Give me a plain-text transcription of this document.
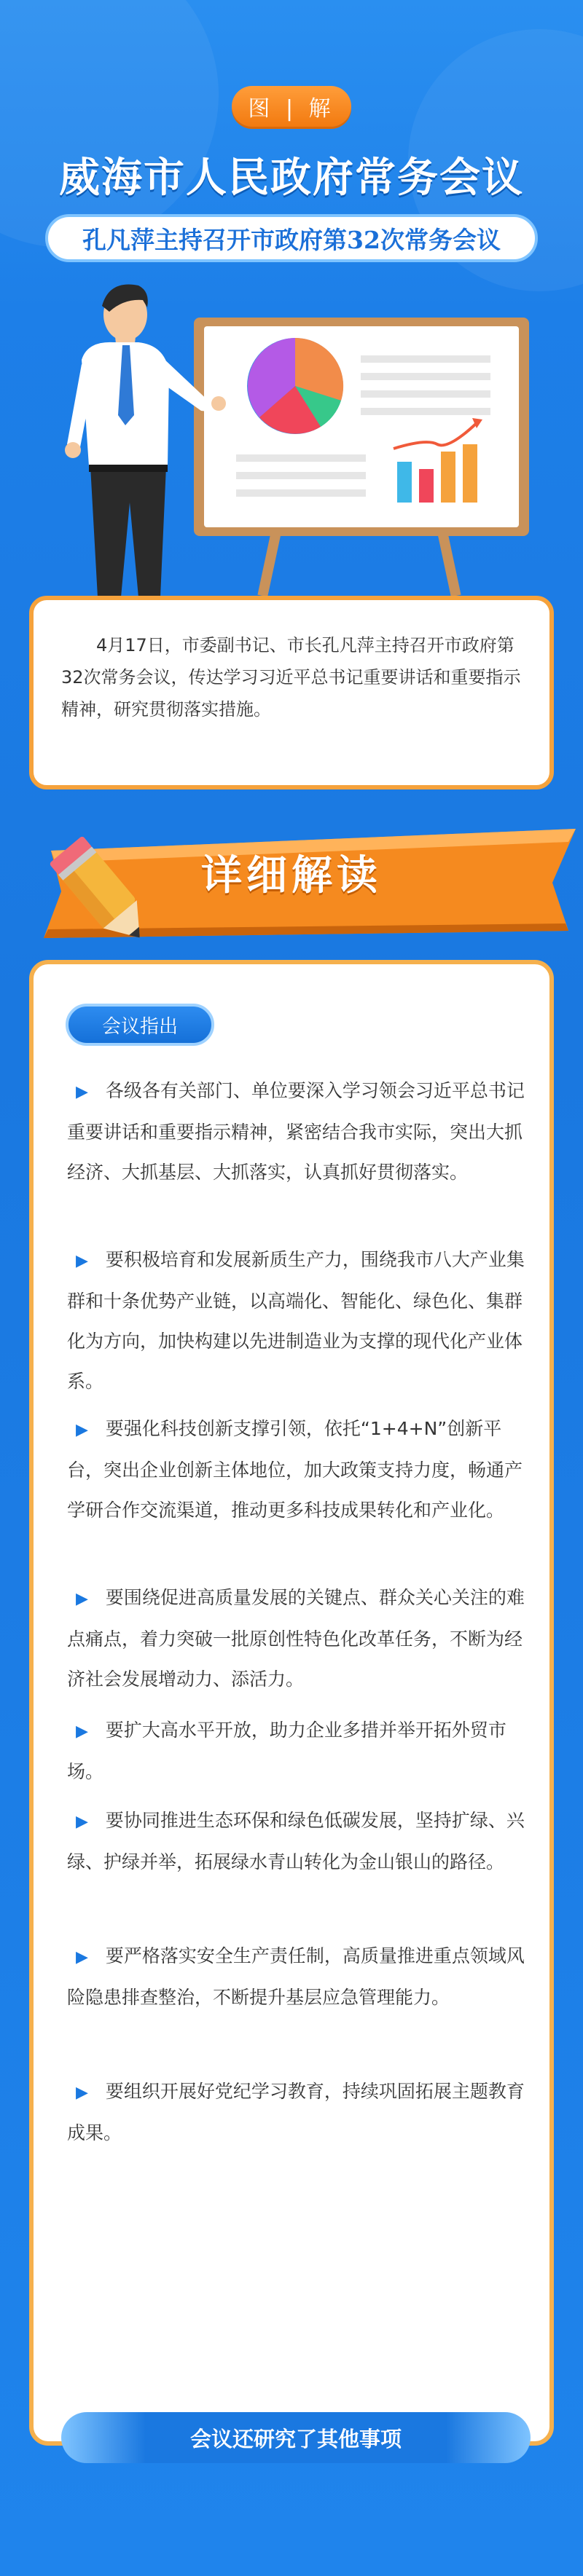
图 | 解
威海市人民政府常务会议
孔凡萍主持召开市政府第32次常务会议

4月17日，市委副书记、市长孔凡萍主持召开市政府第32次常务会议，传达学习习近平总书记重要讲话和重要指示精神，研究贯彻落实措施。

详细解读
会议指出

▶ 各级各有关部门、单位要深入学习领会习近平总书记重要讲话和重要指示精神，紧密结合我市实际，突出大抓经济、大抓基层、大抓落实，认真抓好贯彻落实。

▶ 要积极培育和发展新质生产力，围绕我市八大产业集群和十条优势产业链，以高端化、智能化、绿色化、集群化为方向，加快构建以先进制造业为支撑的现代化产业体系。

▶ 要强化科技创新支撑引领，依托“1+4+N”创新平台，突出企业创新主体地位，加大政策支持力度，畅通产学研合作交流渠道，推动更多科技成果转化和产业化。

▶ 要围绕促进高质量发展的关键点、群众关心关注的难点痛点，着力突破一批原创性特色化改革任务，不断为经济社会发展增动力、添活力。

▶ 要扩大高水平开放，助力企业多措并举开拓外贸市场。

▶ 要协同推进生态环保和绿色低碳发展，坚持扩绿、兴绿、护绿并举，拓展绿水青山转化为金山银山的路径。

▶ 要严格落实安全生产责任制，高质量推进重点领域风险隐患排查整治，不断提升基层应急管理能力。

▶ 要组织开展好党纪学习教育，持续巩固拓展主题教育成果。

会议还研究了其他事项
